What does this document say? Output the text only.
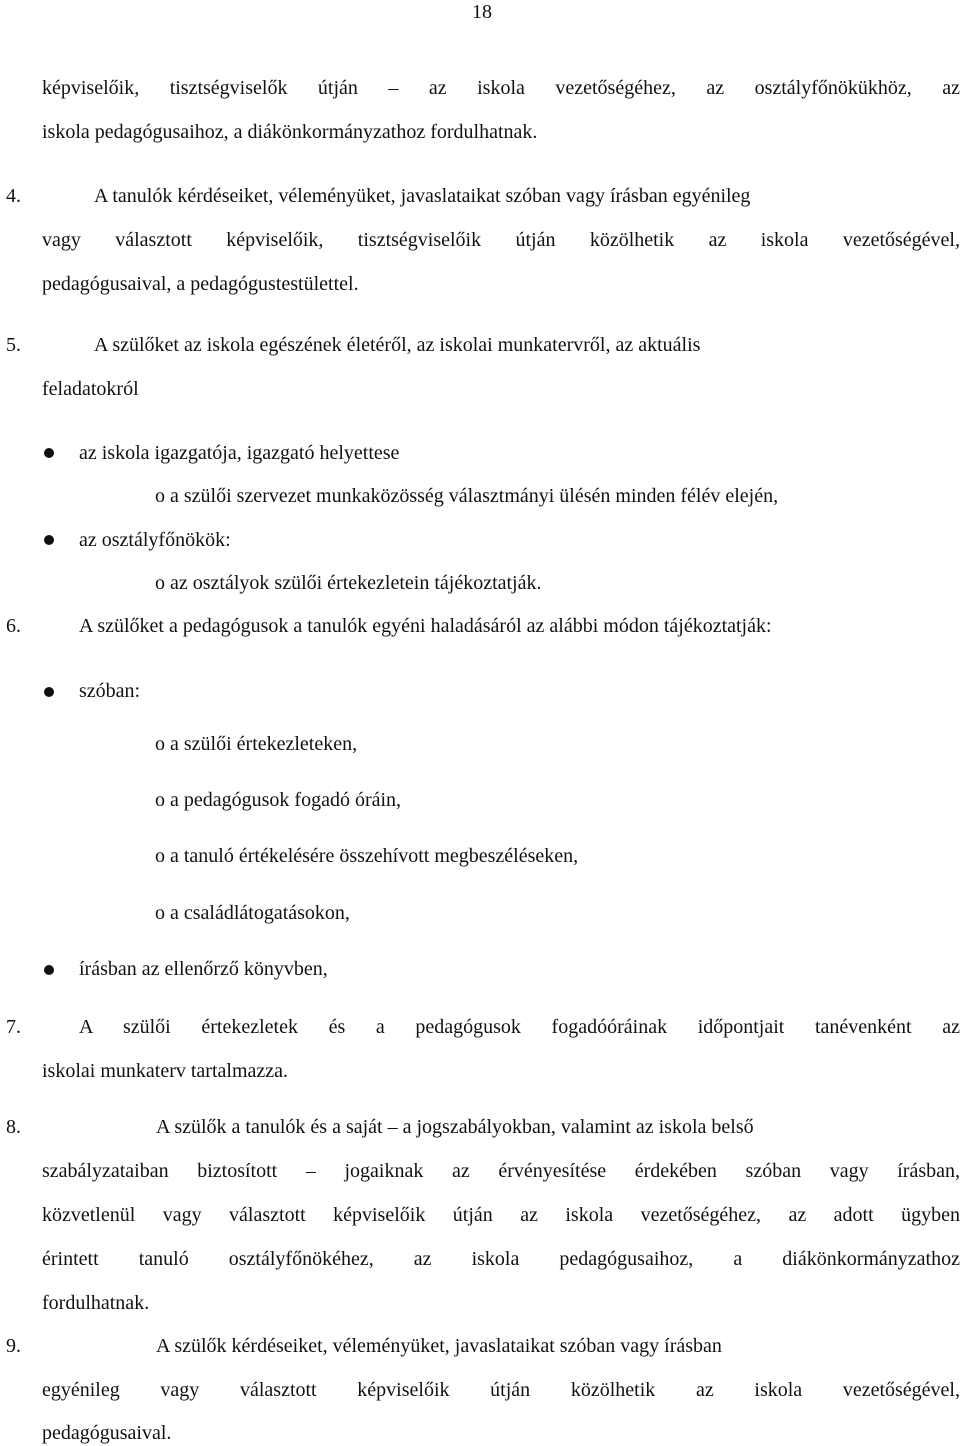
18
képviselőik, tisztségviselők útján – az iskola vezetőségéhez, az osztályfőnökükhöz, az
iskola pedagógusaihoz, a diákönkormányzathoz fordulhatnak.
4.	A tanulók kérdéseiket, véleményüket, javaslataikat szóban vagy írásban egyénileg
vagy választott képviselőik, tisztségviselőik útján közölhetik az iskola vezetőségével,
pedagógusaival, a pedagógustestülettel.
5.	A szülőket az iskola egészének életéről, az iskolai munkatervről, az aktuális
feladatokról
az iskola igazgatója, igazgató helyettese
o a szülői szervezet munkaközösség választmányi ülésén minden félév elején,
az osztályfőnökök:
o az osztályok szülői értekezletein tájékoztatják.
6.	A szülőket a pedagógusok a tanulók egyéni haladásáról az alábbi módon tájékoztatják:
szóban:
o a szülői értekezleteken,
o a pedagógusok fogadó óráin,
o a tanuló értékelésére összehívott megbeszéléseken,
o a családlátogatásokon,
írásban az ellenőrző könyvben,
7.	A szülői értekezletek és a pedagógusok fogadóóráinak időpontjait tanévenként az
iskolai munkaterv tartalmazza.
8.	A szülők a tanulók és a saját – a jogszabályokban, valamint az iskola belső
szabályzataiban biztosított – jogaiknak az érvényesítése érdekében szóban vagy írásban,
közvetlenül vagy választott képviselőik útján az iskola vezetőségéhez, az adott ügyben
érintett tanuló osztályfőnökéhez, az iskola pedagógusaihoz, a diákönkormányzathoz
fordulhatnak.
9.	A szülők kérdéseiket, véleményüket, javaslataikat szóban vagy írásban
egyénileg vagy választott képviselőik útján közölhetik az iskola vezetőségével,
pedagógusaival.
